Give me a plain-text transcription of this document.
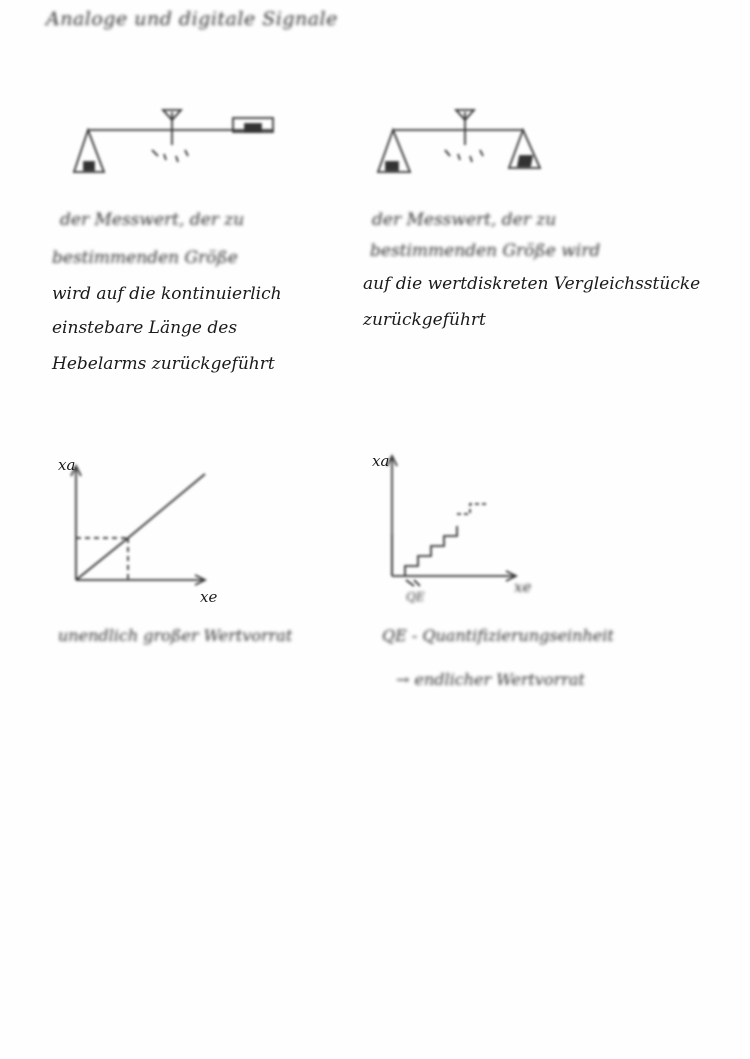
Analoge und digitale Signale
der Messwert, der zu
bestimmenden Größe
wird auf die kontinuierlich
einstebare Länge des
Hebelarms zurückgeführt
der Messwert, der zu
bestimmenden Größe wird
auf die wertdiskreten Vergleichsstücke
zurückgeführt
xa
xe
unendlich großer Wertvorrat
xa
xe
QE
QE - Quantifizierungseinheit
→ endlicher Wertvorrat
